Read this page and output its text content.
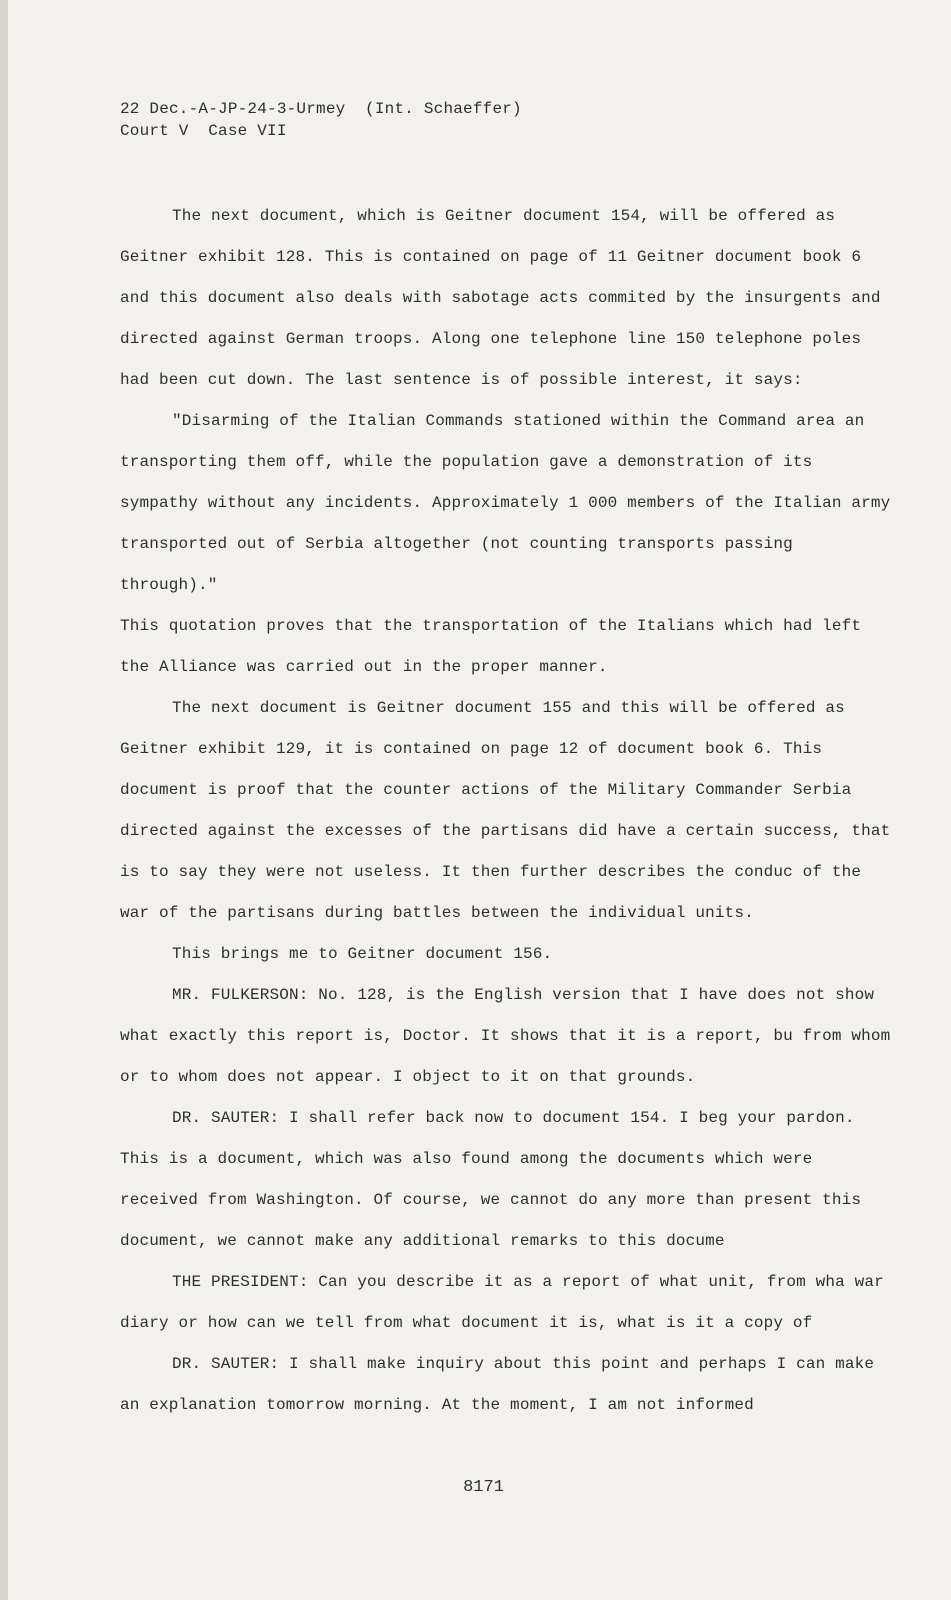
22 Dec.-A-JP-24-3-Urmey  (Int. Schaeffer)
Court V  Case VII

The next document, which is Geitner document 154, will be offered as Geitner exhibit 128. This is contained on page of 11 Geitner document book 6 and this document also deals with sabotage acts commited by the insurgents and directed against German troops. Along one telephone line 150 telephone poles had been cut down. The last sentence is of possible interest, it says:

"Disarming of the Italian Commands stationed within the Command area an transporting them off, while the population gave a demonstration of its sympathy without any incidents. Approximately 1 000 members of the Italian army transported out of Serbia altogether (not counting transports passing through)."

This quotation proves that the transportation of the Italians which had left the Alliance was carried out in the proper manner.

The next document is Geitner document 155 and this will be offered as Geitner exhibit 129, it is contained on page 12 of document book 6. This document is proof that the counter actions of the Military Commander Serbia directed against the excesses of the partisans did have a certain success, that is to say they were not useless. It then further describes the conduc of the war of the partisans during battles between the individual units.

This brings me to Geitner document 156.

MR. FULKERSON: No. 128, is the English version that I have does not show what exactly this report is, Doctor. It shows that it is a report, bu from whom or to whom does not appear. I object to it on that grounds.

DR. SAUTER: I shall refer back now to document 154. I beg your pardon. This is a document, which was also found among the documents which were received from Washington. Of course, we cannot do any more than present this document, we cannot make any additional remarks to this docume

THE PRESIDENT: Can you describe it as a report of what unit, from wha war diary or how can we tell from what document it is, what is it a copy of

DR. SAUTER: I shall make inquiry about this point and perhaps I can make an explanation tomorrow morning. At the moment, I am not informed

8171
